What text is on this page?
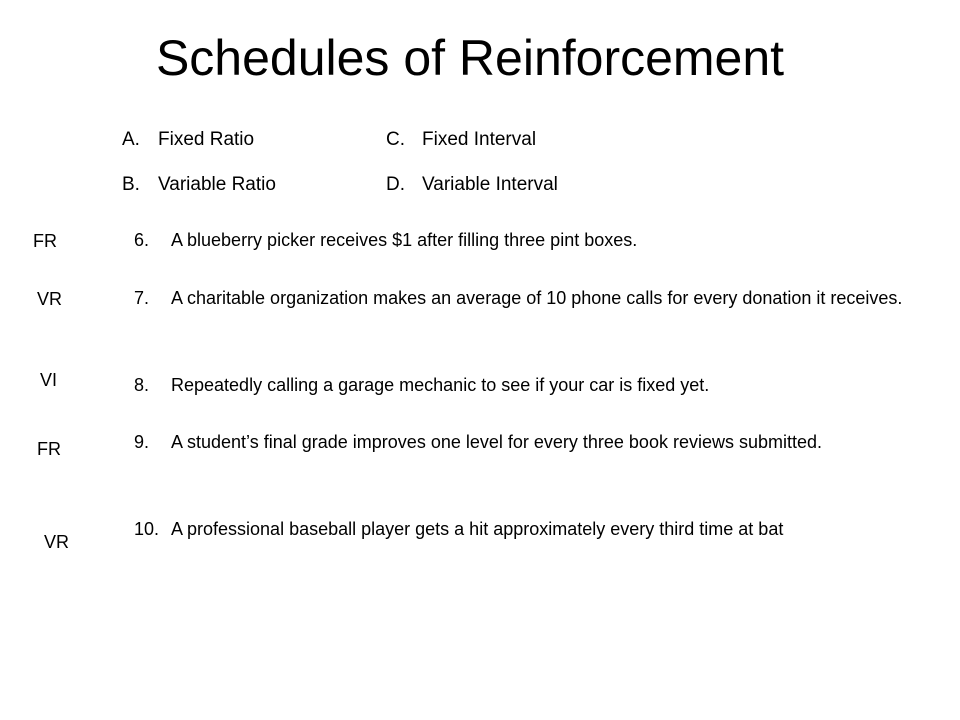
Schedules of Reinforcement
A. Fixed Ratio
B. Variable Ratio
C. Fixed Interval
D. Variable Interval
FR
VR
VI
FR
VR
6. A blueberry picker receives $1 after filling three pint boxes.
7. A charitable organization makes an average of 10 phone calls for every donation it receives.
8. Repeatedly calling a garage mechanic to see if your car is fixed yet.
9. A student’s final grade improves one level for every three book reviews submitted.
10. A professional baseball player gets a hit approximately every third time at bat
